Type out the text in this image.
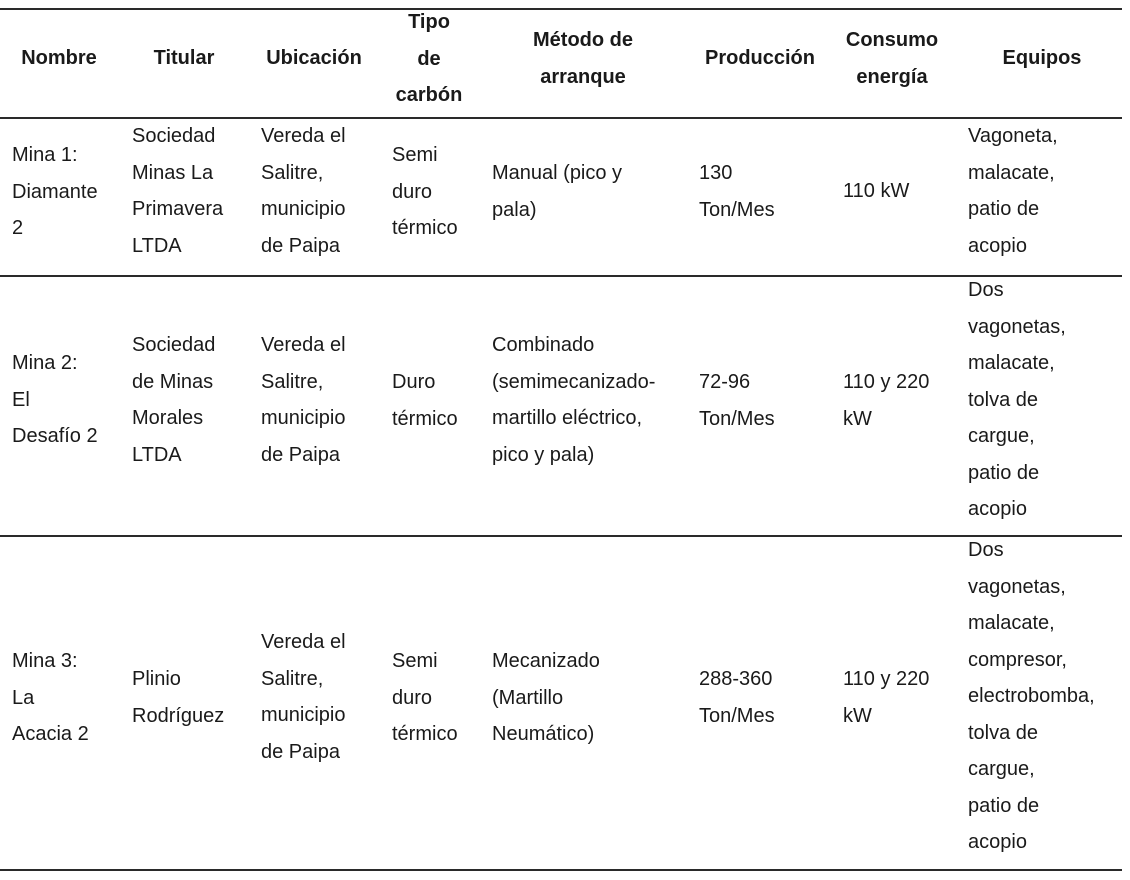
Nombre	Titular	Ubicación
Tipo
de
carbón
Método de
arranque
Producción
Consumo
energía
Equipos
Mina 1:
Diamante
2
Sociedad
Minas La
Primavera
LTDA
Vereda el
Salitre,
municipio
de Paipa
Semi
duro
térmico
Manual (pico y
pala)
130
Ton/Mes
110 kW
Vagoneta,
malacate,
patio de
acopio
Mina 2:
El
Desafío 2
Sociedad
de Minas
Morales
LTDA
Vereda el
Salitre,
municipio
de Paipa
Duro
térmico
Combinado
(semimecanizado-
martillo eléctrico,
pico y pala)
72-96
Ton/Mes
110 y 220
kW
Dos
vagonetas,
malacate,
tolva de
cargue,
patio de
acopio
Mina 3:
La
Acacia 2
Plinio
Rodríguez
Vereda el
Salitre,
municipio
de Paipa
Semi
duro
térmico
Mecanizado
(Martillo
Neumático)
288-360
Ton/Mes
110 y 220
kW
Dos
vagonetas,
malacate,
compresor,
electrobomba,
tolva de
cargue,
patio de
acopio
